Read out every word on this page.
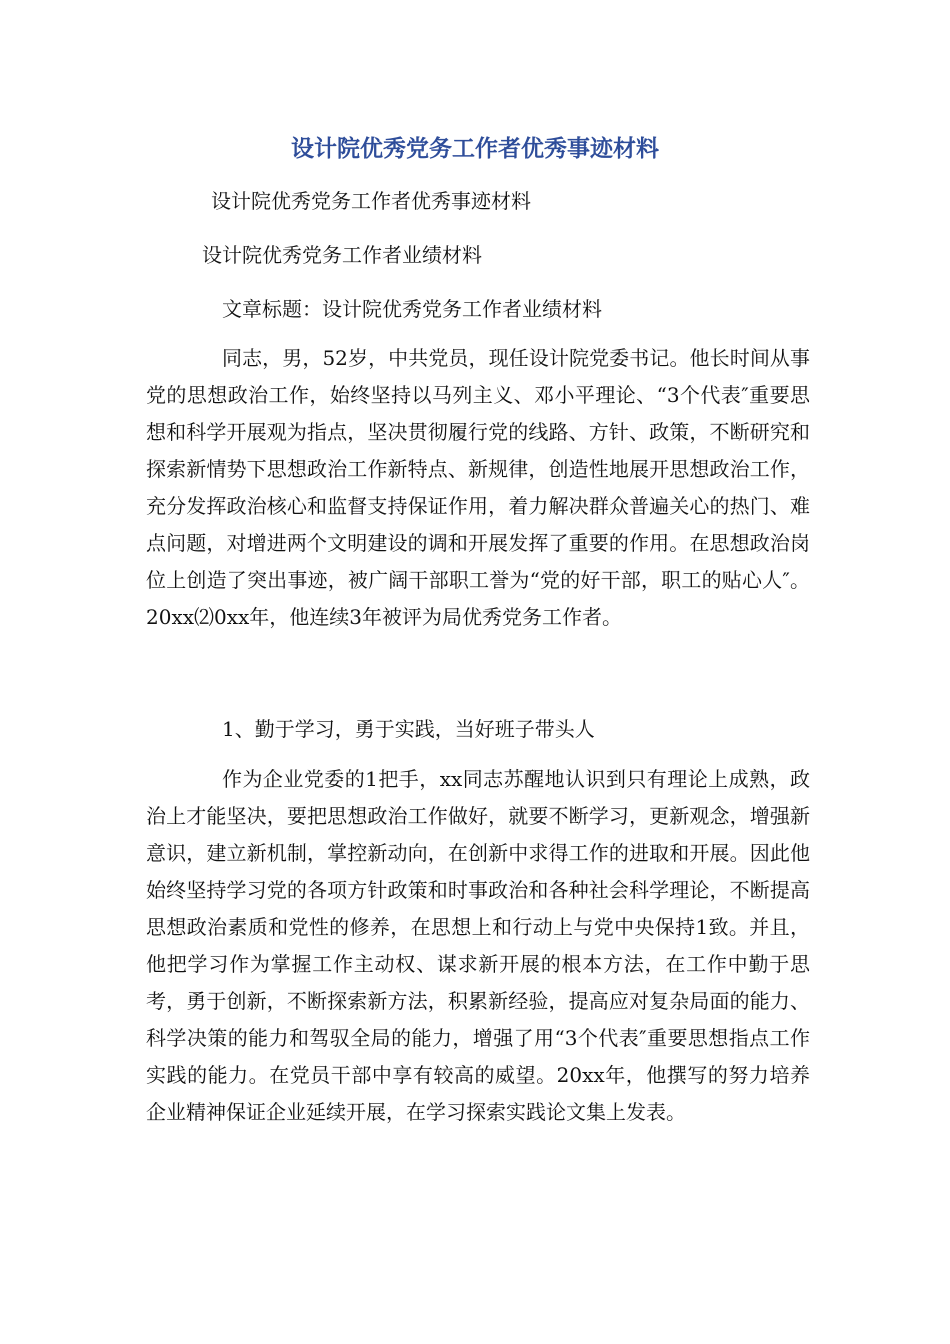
设计院优秀党务工作者优秀事迹材料

设计院优秀党务工作者优秀事迹材料

设计院优秀党务工作者业绩材料

文章标题：设计院优秀党务工作者业绩材料

同志，男，52岁，中共党员，现任设计院党委书记。他长时间从事党的思想政治工作，始终坚持以马列主义、邓小平理论、“3个代表″重要思想和科学开展观为指点，坚决贯彻履行党的线路、方针、政策，不断研究和探索新情势下思想政治工作新特点、新规律，创造性地展开思想政治工作，充分发挥政治核心和监督支持保证作用，着力解决群众普遍关心的热门、难点问题，对增进两个文明建设的调和开展发挥了重要的作用。在思想政治岗位上创造了突出事迹，被广阔干部职工誉为“党的好干部，职工的贴心人″。20xx⑵0xx年，他连续3年被评为局优秀党务工作者。

1、勤于学习，勇于实践，当好班子带头人

作为企业党委的1把手，xx同志苏醒地认识到只有理论上成熟，政治上才能坚决，要把思想政治工作做好，就要不断学习，更新观念，增强新意识，建立新机制，掌控新动向，在创新中求得工作的进取和开展。因此他始终坚持学习党的各项方针政策和时事政治和各种社会科学理论，不断提高思想政治素质和党性的修养，在思想上和行动上与党中央保持1致。并且，他把学习作为掌握工作主动权、谋求新开展的根本方法，在工作中勤于思考，勇于创新，不断探索新方法，积累新经验，提高应对复杂局面的能力、科学决策的能力和驾驭全局的能力，增强了用“3个代表″重要思想指点工作实践的能力。在党员干部中享有较高的威望。20xx年，他撰写的努力培养企业精神保证企业延续开展，在学习探索实践论文集上发表。
